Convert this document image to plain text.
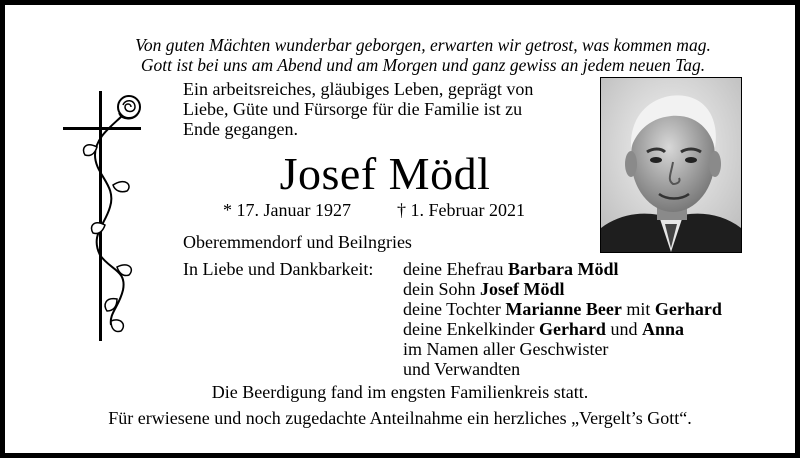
Von guten Mächten wunderbar geborgen, erwarten wir getrost, was kommen mag.
Gott ist bei uns am Abend und am Morgen und ganz gewiss an jedem neuen Tag.
Ein arbeitsreiches, gläubiges Leben, geprägt von
Liebe, Güte und Fürsorge für die Familie ist zu
Ende gegangen.
Josef Mödl
* 17. Januar 1927	† 1. Februar 2021
Oberemmendorf und Beilngries
In Liebe und Dankbarkeit: deine Ehefrau Barbara Mödl
dein Sohn Josef Mödl
deine Tochter Marianne Beer mit Gerhard
deine Enkelkinder Gerhard und Anna
im Namen aller Geschwister
und Verwandten
Die Beerdigung fand im engsten Familienkreis statt.
Für erwiesene und noch zugedachte Anteilnahme ein herzliches „Vergelt’s Gott“.
